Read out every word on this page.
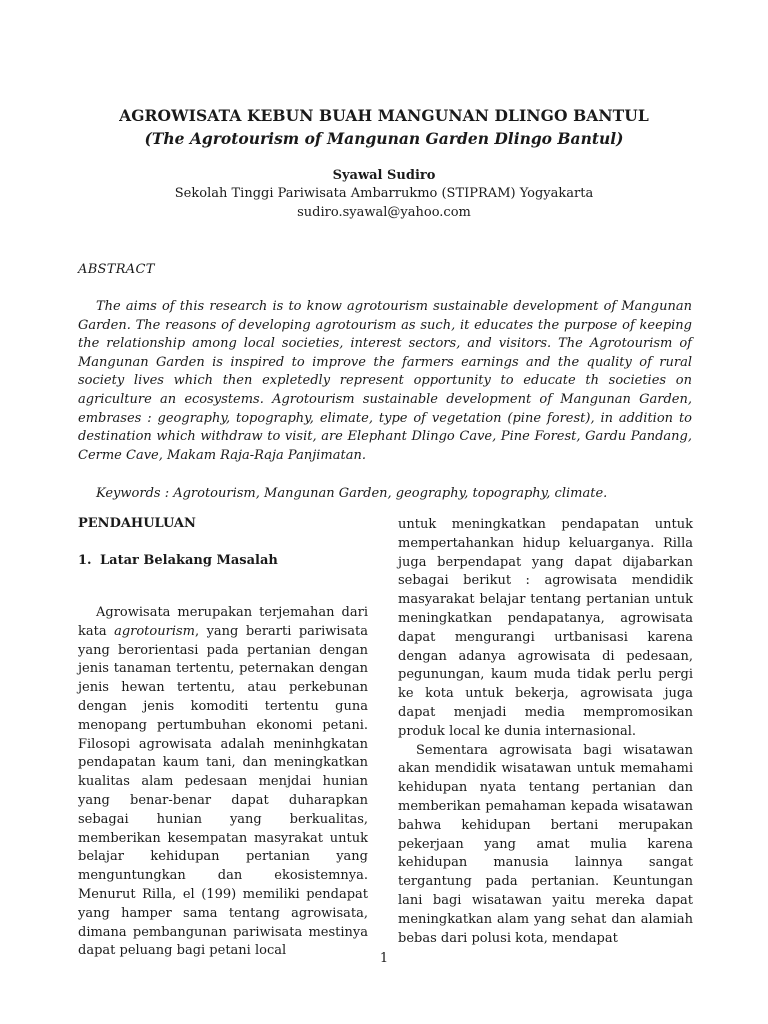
AGROWISATA KEBUN BUAH MANGUNAN DLINGO BANTUL
(The Agrotourism of Mangunan Garden Dlingo Bantul)
Syawal Sudiro
Sekolah Tinggi Pariwisata Ambarrukmo (STIPRAM) Yogyakarta
sudiro.syawal@yahoo.com
ABSTRACT

The aims of this research is to know agrotourism sustainable development of Mangunan Garden. The reasons of developing agrotourism as such, it educates the purpose of keeping the relationship among local societies, interest sectors, and visitors. The Agrotourism of Mangunan Garden is inspired to improve the farmers earnings and the quality of rural society lives which then expletedly represent opportunity to educate th societies on agriculture an ecosystems. Agrotourism sustainable development of Mangunan Garden, embrases : geography, topography, elimate, type of vegetation (pine forest), in addition to destination which withdraw to visit, are Elephant Dlingo Cave, Pine Forest, Gardu Pandang, Cerme Cave, Makam Raja-Raja Panjimatan.

Keywords : Agrotourism, Mangunan Garden, geography, topography, climate.

PENDAHULUAN

1. Latar Belakang Masalah

Agrowisata merupakan terjemahan dari kata agrotourism, yang berarti pariwisata yang berorientasi pada pertanian dengan jenis tanaman tertentu, peternakan dengan jenis hewan tertentu, atau perkebunan dengan jenis komoditi tertentu guna menopang pertumbuhan ekonomi petani. Filosopi agrowisata adalah meninhgkatan pendapatan kaum tani, dan meningkatkan kualitas alam pedesaan menjdai hunian yang benar-benar dapat duharapkan sebagai hunian yang berkualitas, memberikan kesempatan masyrakat untuk belajar kehidupan pertanian yang menguntungkan dan ekosistemnya. Menurut Rilla, el (199) memiliki pendapat yang hamper sama tentang agrowisata, dimana pembangunan pariwisata mestinya dapat peluang bagi petani local

untuk meningkatkan pendapatan untuk mempertahankan hidup keluarganya. Rilla juga berpendapat yang dapat dijabarkan sebagai berikut : agrowisata mendidik masyarakat belajar tentang pertanian untuk meningkatkan pendapatanya, agrowisata dapat mengurangi urtbanisasi karena dengan adanya agrowisata di pedesaan, pegunungan, kaum muda tidak perlu pergi ke kota untuk bekerja, agrowisata juga dapat menjadi media mempromosikan produk local ke dunia internasional.

Sementara agrowisata bagi wisatawan akan mendidik wisatawan untuk memahami kehidupan nyata tentang pertanian dan memberikan pemahaman kepada wisatawan bahwa kehidupan bertani merupakan pekerjaan yang amat mulia karena kehidupan manusia lainnya sangat tergantung pada pertanian. Keuntungan lani bagi wisatawan yaitu mereka dapat meningkatkan alam yang sehat dan alamiah bebas dari polusi kota, mendapat

1
